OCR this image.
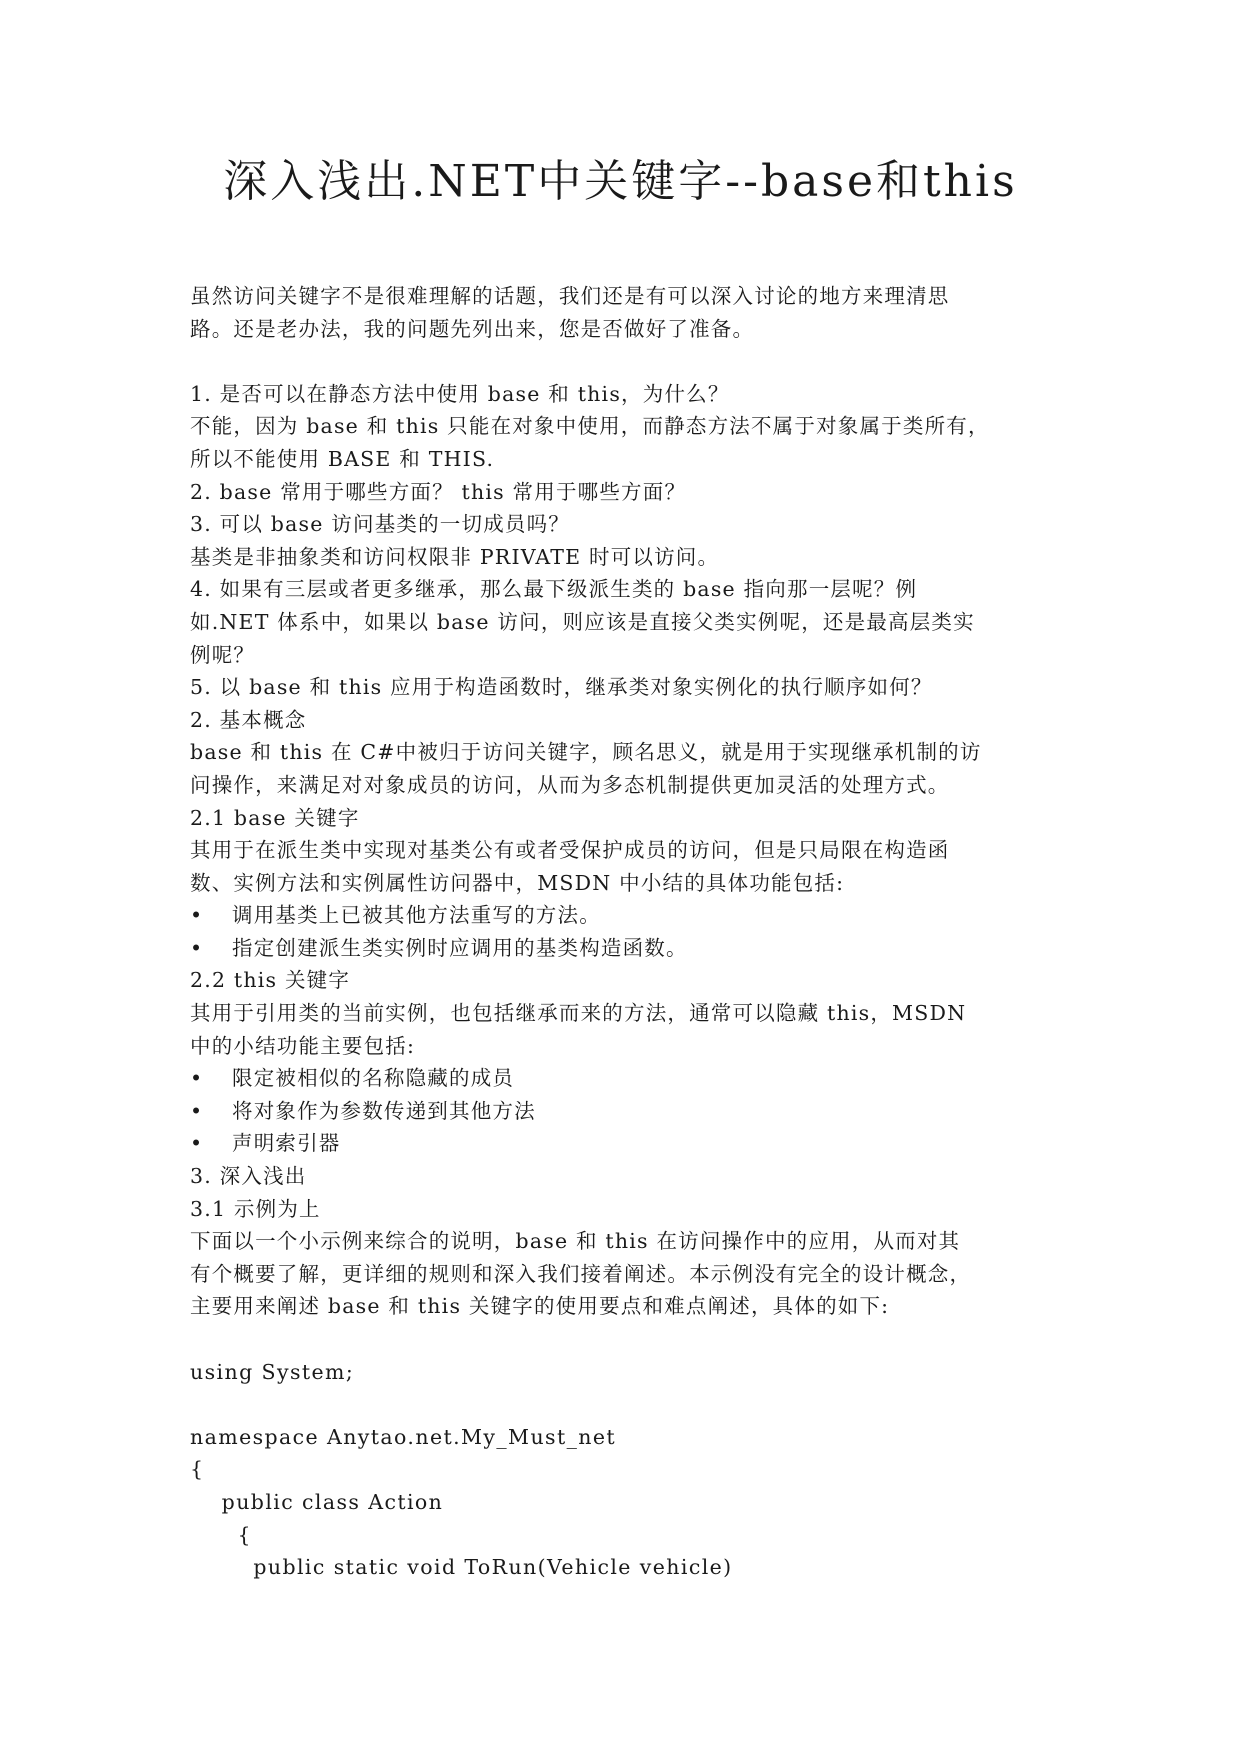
深入浅出.NET中关键字--base和this
虽然访问关键字不是很难理解的话题，我们还是有可以深入讨论的地方来理清思
路。还是老办法，我的问题先列出来，您是否做好了准备。
1. 是否可以在静态方法中使用 base 和 this，为什么？
不能，因为 base 和 this 只能在对象中使用，而静态方法不属于对象属于类所有，
所以不能使用 BASE 和 THIS.
2. base 常用于哪些方面？ this 常用于哪些方面？
3. 可以 base 访问基类的一切成员吗？
基类是非抽象类和访问权限非 PRIVATE 时可以访问。
4. 如果有三层或者更多继承，那么最下级派生类的 base 指向那一层呢？例
如.NET 体系中，如果以 base 访问，则应该是直接父类实例呢，还是最高层类实
例呢？
5. 以 base 和 this 应用于构造函数时，继承类对象实例化的执行顺序如何？
2. 基本概念
base 和 this 在 C#中被归于访问关键字，顾名思义，就是用于实现继承机制的访
问操作，来满足对对象成员的访问，从而为多态机制提供更加灵活的处理方式。
2.1 base 关键字
其用于在派生类中实现对基类公有或者受保护成员的访问，但是只局限在构造函
数、实例方法和实例属性访问器中，MSDN 中小结的具体功能包括:
• 调用基类上已被其他方法重写的方法。
• 指定创建派生类实例时应调用的基类构造函数。
2.2 this 关键字
其用于引用类的当前实例，也包括继承而来的方法，通常可以隐藏 this，MSDN
中的小结功能主要包括:
• 限定被相似的名称隐藏的成员
• 将对象作为参数传递到其他方法
• 声明索引器
3. 深入浅出
3.1 示例为上
下面以一个小示例来综合的说明，base 和 this 在访问操作中的应用，从而对其
有个概要了解，更详细的规则和深入我们接着阐述。本示例没有完全的设计概念，
主要用来阐述 base 和 this 关键字的使用要点和难点阐述，具体的如下:
using System;
namespace Anytao.net.My_Must_net
{
public class Action
{
public static void ToRun(Vehicle vehicle)
